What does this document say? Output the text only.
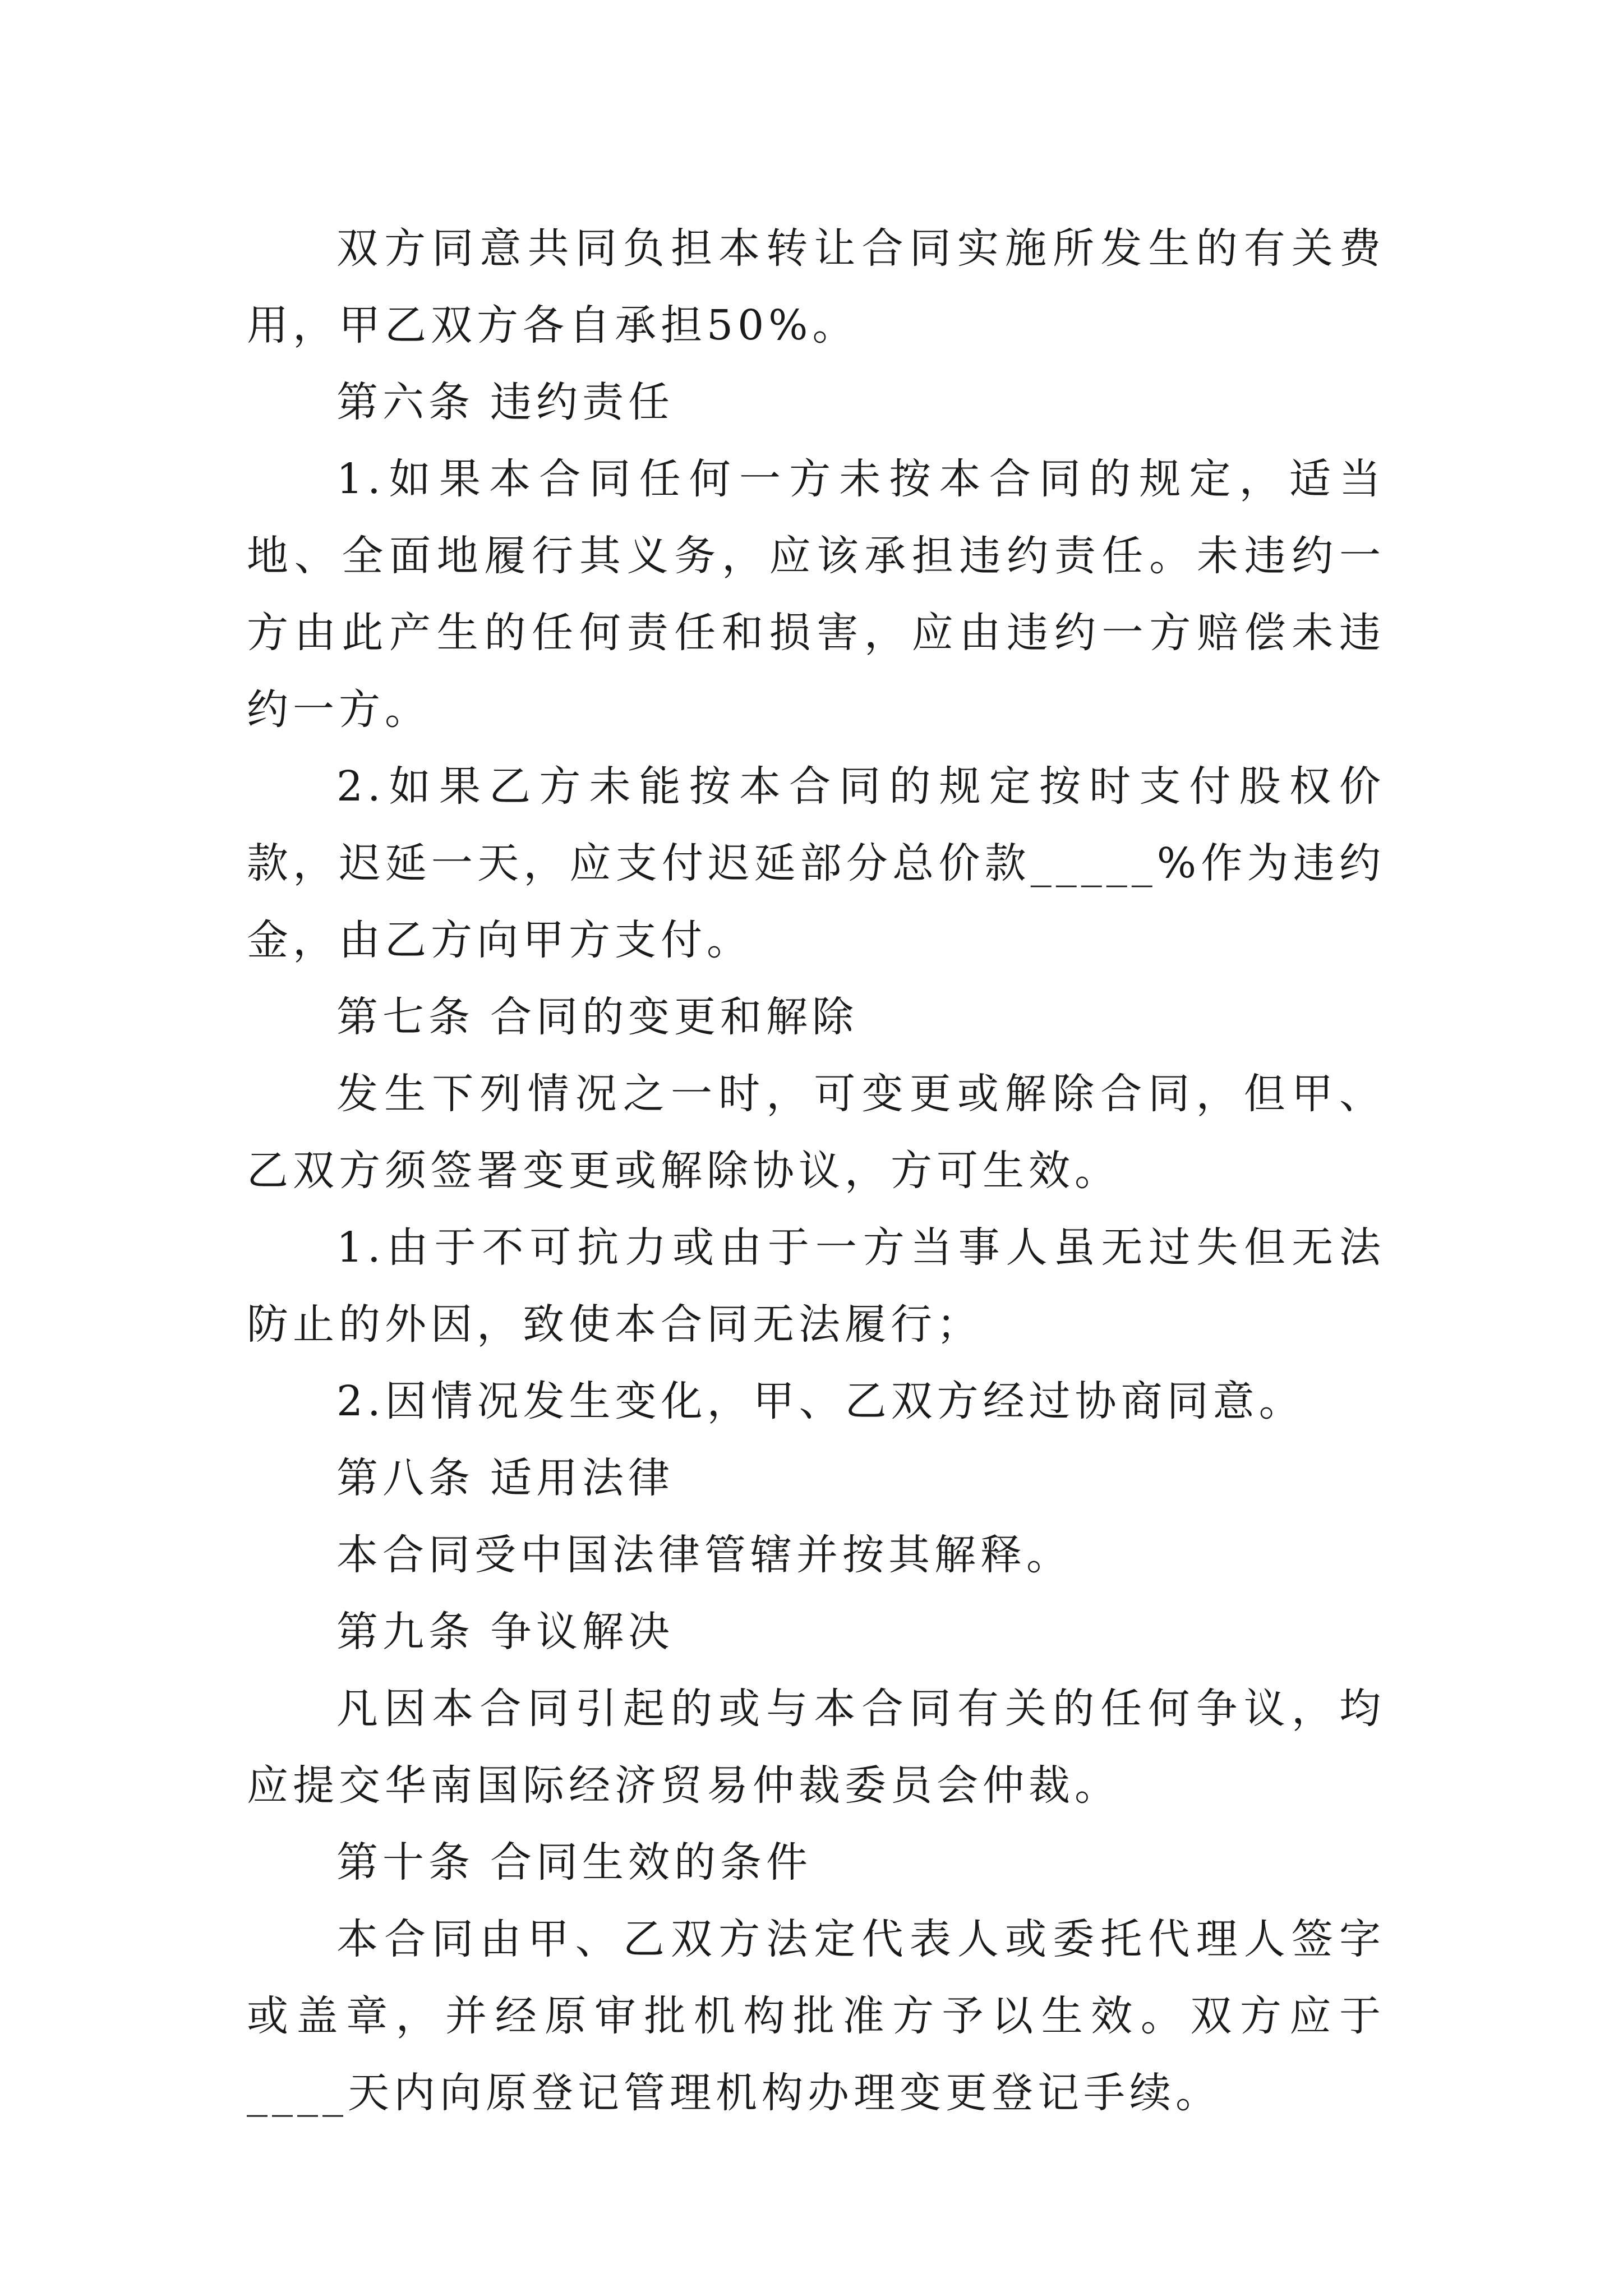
双方同意共同负担本转让合同实施所发生的有关费用，甲乙双方各自承担50%。

第六条 违约责任

1.如果本合同任何一方未按本合同的规定，适当地、全面地履行其义务，应该承担违约责任。未违约一方由此产生的任何责任和损害，应由违约一方赔偿未违约一方。

2.如果乙方未能按本合同的规定按时支付股权价款，迟延一天，应支付迟延部分总价款_____%作为违约金，由乙方向甲方支付。

第七条 合同的变更和解除

发生下列情况之一时，可变更或解除合同，但甲、乙双方须签署变更或解除协议，方可生效。

1.由于不可抗力或由于一方当事人虽无过失但无法防止的外因，致使本合同无法履行；

2.因情况发生变化，甲、乙双方经过协商同意。

第八条 适用法律

本合同受中国法律管辖并按其解释。

第九条 争议解决

凡因本合同引起的或与本合同有关的任何争议，均应提交华南国际经济贸易仲裁委员会仲裁。

第十条 合同生效的条件

本合同由甲、乙双方法定代表人或委托代理人签字或盖章，并经原审批机构批准方予以生效。双方应于____天内向原登记管理机构办理变更登记手续。
